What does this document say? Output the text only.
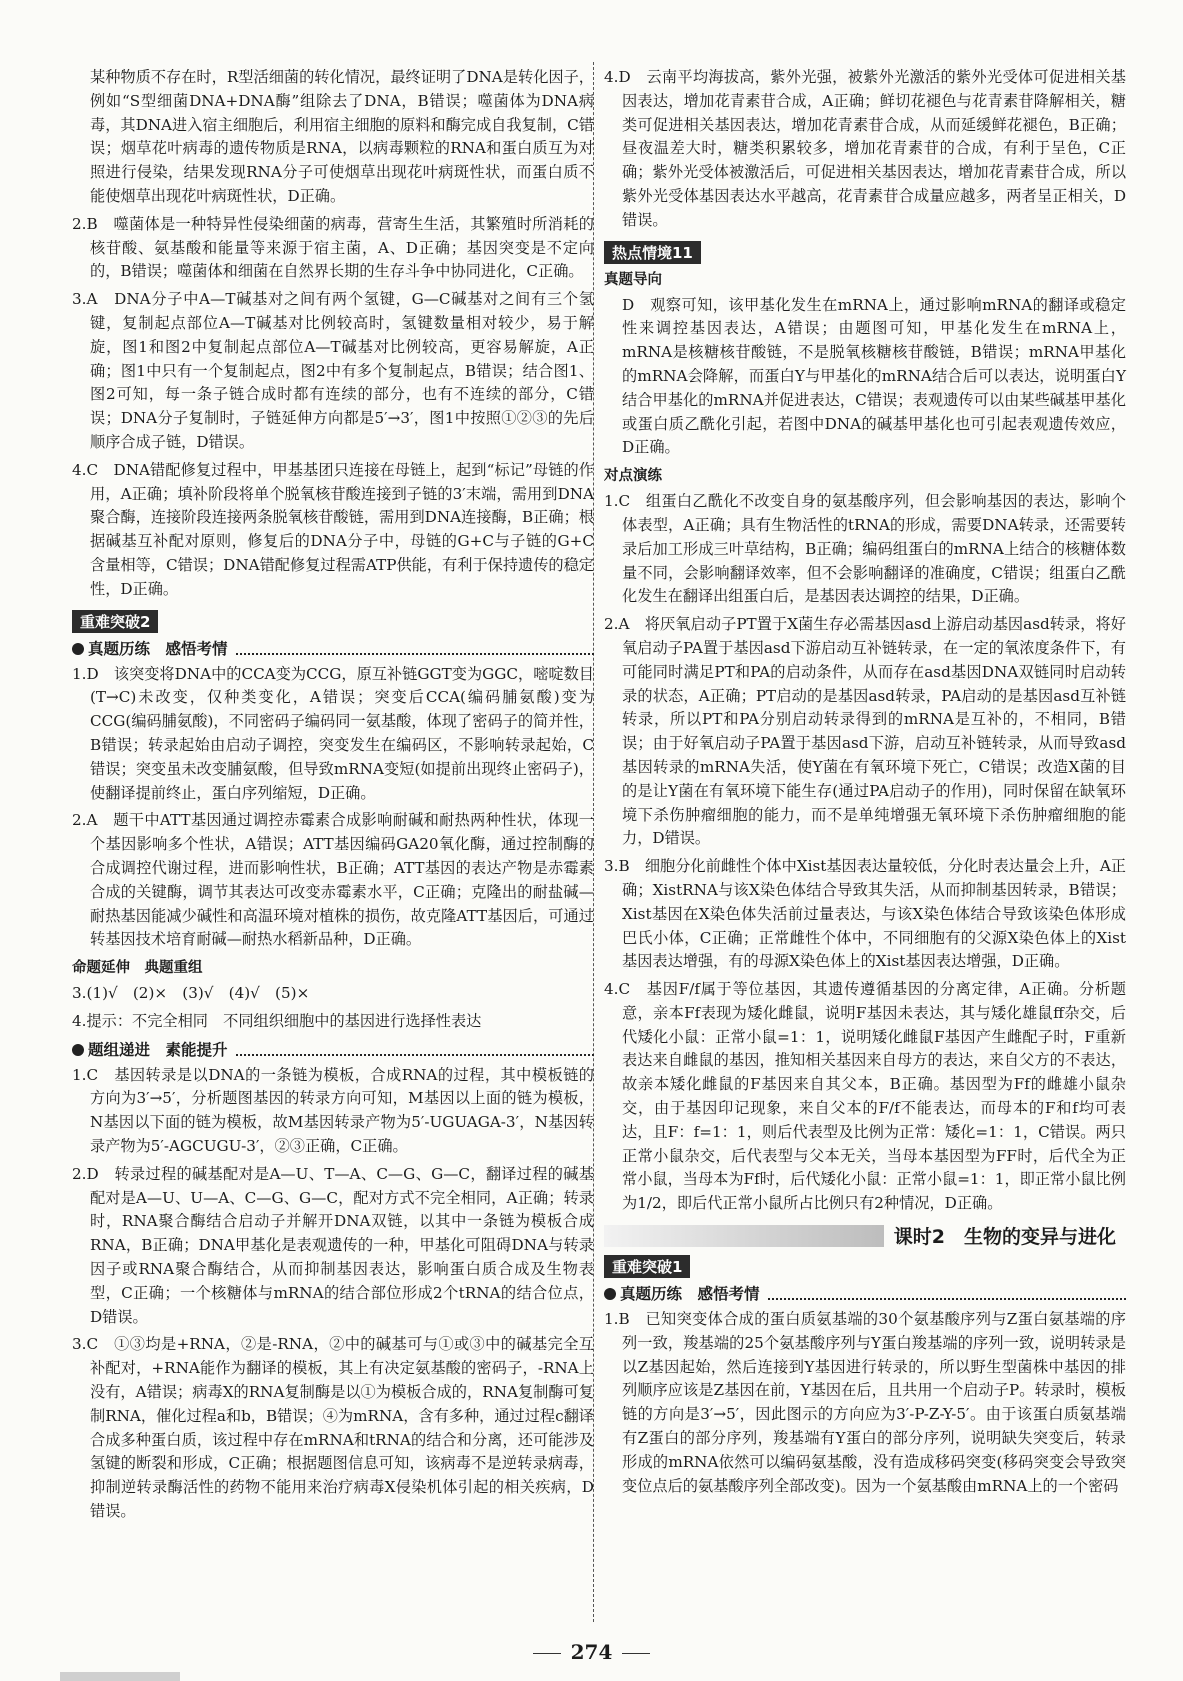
某种物质不存在时，R型活细菌的转化情况，最终证明了DNA是转化因子，例如“S型细菌DNA+DNA酶”组除去了DNA，B错误；噬菌体为DNA病毒，其DNA进入宿主细胞后，利用宿主细胞的原料和酶完成自我复制，C错误；烟草花叶病毒的遗传物质是RNA，以病毒颗粒的RNA和蛋白质互为对照进行侵染，结果发现RNA分子可使烟草出现花叶病斑性状，而蛋白质不能使烟草出现花叶病斑性状，D正确。

2.B　噬菌体是一种特异性侵染细菌的病毒，营寄生生活，其繁殖时所消耗的核苷酸、氨基酸和能量等来源于宿主菌，A、D正确；基因突变是不定向的，B错误；噬菌体和细菌在自然界长期的生存斗争中协同进化，C正确。

3.A　DNA分子中A—T碱基对之间有两个氢键，G—C碱基对之间有三个氢键，复制起点部位A—T碱基对比例较高时，氢键数量相对较少，易于解旋，图1和图2中复制起点部位A—T碱基对比例较高，更容易解旋，A正确；图1中只有一个复制起点，图2中有多个复制起点，B错误；结合图1、图2可知，每一条子链合成时都有连续的部分，也有不连续的部分，C错误；DNA分子复制时，子链延伸方向都是5′→3′，图1中按照①②③的先后顺序合成子链，D错误。

4.C　DNA错配修复过程中，甲基基团只连接在母链上，起到“标记”母链的作用，A正确；填补阶段将单个脱氧核苷酸连接到子链的3′末端，需用到DNA聚合酶，连接阶段连接两条脱氧核苷酸链，需用到DNA连接酶，B正确；根据碱基互补配对原则，修复后的DNA分子中，母链的G+C与子链的G+C含量相等，C错误；DNA错配修复过程需ATP供能，有利于保持遗传的稳定性，D正确。

重难突破2
真题历练　感悟考情

1.D　该突变将DNA中的CCA变为CCG，原互补链GGT变为GGC，嘧啶数目(T→C)未改变，仅种类变化，A错误；突变后CCA(编码脯氨酸)变为CCG(编码脯氨酸)，不同密码子编码同一氨基酸，体现了密码子的简并性，B错误；转录起始由启动子调控，突变发生在编码区，不影响转录起始，C错误；突变虽未改变脯氨酸，但导致mRNA变短(如提前出现终止密码子)，使翻译提前终止，蛋白序列缩短，D正确。

2.A　题干中ATT基因通过调控赤霉素合成影响耐碱和耐热两种性状，体现一个基因影响多个性状，A错误；ATT基因编码GA20氧化酶，通过控制酶的合成调控代谢过程，进而影响性状，B正确；ATT基因的表达产物是赤霉素合成的关键酶，调节其表达可改变赤霉素水平，C正确；克隆出的耐盐碱—耐热基因能减少碱性和高温环境对植株的损伤，故克隆ATT基因后，可通过转基因技术培育耐碱—耐热水稻新品种，D正确。

命题延伸　典题重组

3.(1)√　(2)×　(3)√　(4)√　(5)×

4.提示：不完全相同　不同组织细胞中的基因进行选择性表达

题组递进　素能提升

1.C　基因转录是以DNA的一条链为模板，合成RNA的过程，其中模板链的方向为3′→5′，分析题图基因的转录方向可知，M基因以上面的链为模板，N基因以下面的链为模板，故M基因转录产物为5′-UGUAGA-3′，N基因转录产物为5′-AGCUGU-3′，②③正确，C正确。

2.D　转录过程的碱基配对是A—U、T—A、C—G、G—C，翻译过程的碱基配对是A—U、U—A、C—G、G—C，配对方式不完全相同，A正确；转录时，RNA聚合酶结合启动子并解开DNA双链，以其中一条链为模板合成RNA，B正确；DNA甲基化是表观遗传的一种，甲基化可阻碍DNA与转录因子或RNA聚合酶结合，从而抑制基因表达，影响蛋白质合成及生物表型，C正确；一个核糖体与mRNA的结合部位形成2个tRNA的结合位点，D错误。

3.C　①③均是+RNA，②是-RNA，②中的碱基可与①或③中的碱基完全互补配对，+RNA能作为翻译的模板，其上有决定氨基酸的密码子，-RNA上没有，A错误；病毒X的RNA复制酶是以①为模板合成的，RNA复制酶可复制RNA，催化过程a和b，B错误；④为mRNA，含有多种，通过过程c翻译合成多种蛋白质，该过程中存在mRNA和tRNA的结合和分离，还可能涉及氢键的断裂和形成，C正确；根据题图信息可知，该病毒不是逆转录病毒，抑制逆转录酶活性的药物不能用来治疗病毒X侵染机体引起的相关疾病，D错误。

4.D　云南平均海拔高，紫外光强，被紫外光激活的紫外光受体可促进相关基因表达，增加花青素苷合成，A正确；鲜切花褪色与花青素苷降解相关，糖类可促进相关基因表达，增加花青素苷合成，从而延缓鲜花褪色，B正确；昼夜温差大时，糖类积累较多，增加花青素苷的合成，有利于呈色，C正确；紫外光受体被激活后，可促进相关基因表达，增加花青素苷合成，所以紫外光受体基因表达水平越高，花青素苷合成量应越多，两者呈正相关，D错误。

热点情境11
真题导向

D　观察可知，该甲基化发生在mRNA上，通过影响mRNA的翻译或稳定性来调控基因表达，A错误；由题图可知，甲基化发生在mRNA上，mRNA是核糖核苷酸链，不是脱氧核糖核苷酸链，B错误；mRNA甲基化的mRNA会降解，而蛋白Y与甲基化的mRNA结合后可以表达，说明蛋白Y结合甲基化的mRNA并促进表达，C错误；表观遗传可以由某些碱基甲基化或蛋白质乙酰化引起，若图中DNA的碱基甲基化也可引起表观遗传效应，D正确。

对点演练

1.C　组蛋白乙酰化不改变自身的氨基酸序列，但会影响基因的表达，影响个体表型，A正确；具有生物活性的tRNA的形成，需要DNA转录，还需要转录后加工形成三叶草结构，B正确；编码组蛋白的mRNA上结合的核糖体数量不同，会影响翻译效率，但不会影响翻译的准确度，C错误；组蛋白乙酰化发生在翻译出组蛋白后，是基因表达调控的结果，D正确。

2.A　将厌氧启动子PT置于X菌生存必需基因asd上游启动基因asd转录，将好氧启动子PA置于基因asd下游启动互补链转录，在一定的氧浓度条件下，有可能同时满足PT和PA的启动条件，从而存在asd基因DNA双链同时启动转录的状态，A正确；PT启动的是基因asd转录，PA启动的是基因asd互补链转录，所以PT和PA分别启动转录得到的mRNA是互补的，不相同，B错误；由于好氧启动子PA置于基因asd下游，启动互补链转录，从而导致asd基因转录的mRNA失活，使Y菌在有氧环境下死亡，C错误；改造X菌的目的是让Y菌在有氧环境下能生存(通过PA启动子的作用)，同时保留在缺氧环境下杀伤肿瘤细胞的能力，而不是单纯增强无氧环境下杀伤肿瘤细胞的能力，D错误。

3.B　细胞分化前雌性个体中Xist基因表达量较低，分化时表达量会上升，A正确；XistRNA与该X染色体结合导致其失活，从而抑制基因转录，B错误；Xist基因在X染色体失活前过量表达，与该X染色体结合导致该染色体形成巴氏小体，C正确；正常雌性个体中，不同细胞有的父源X染色体上的Xist基因表达增强，有的母源X染色体上的Xist基因表达增强，D正确。

4.C　基因F/f属于等位基因，其遗传遵循基因的分离定律，A正确。分析题意，亲本Ff表现为矮化雌鼠，说明F基因未表达，其与矮化雄鼠ff杂交，后代矮化小鼠：正常小鼠=1：1，说明矮化雌鼠F基因产生雌配子时，F重新表达来自雌鼠的基因，推知相关基因来自母方的表达，来自父方的不表达，故亲本矮化雌鼠的F基因来自其父本，B正确。基因型为Ff的雌雄小鼠杂交，由于基因印记现象，来自父本的F/f不能表达，而母本的F和f均可表达，且F：f=1：1，则后代表型及比例为正常：矮化=1：1，C错误。两只正常小鼠杂交，后代表型与父本无关，当母本基因型为FF时，后代全为正常小鼠，当母本为Ff时，后代矮化小鼠：正常小鼠=1：1，即正常小鼠比例为1/2，即后代正常小鼠所占比例只有2种情况，D正确。

课时2　生物的变异与进化
重难突破1
真题历练　感悟考情

1.B　已知突变体合成的蛋白质氨基端的30个氨基酸序列与Z蛋白氨基端的序列一致，羧基端的25个氨基酸序列与Y蛋白羧基端的序列一致，说明转录是以Z基因起始，然后连接到Y基因进行转录的，所以野生型菌株中基因的排列顺序应该是Z基因在前，Y基因在后，且共用一个启动子P。转录时，模板链的方向是3′→5′，因此图示的方向应为3′-P-Z-Y-5′。由于该蛋白质氨基端有Z蛋白的部分序列，羧基端有Y蛋白的部分序列，说明缺失突变后，转录形成的mRNA依然可以编码氨基酸，没有造成移码突变(移码突变会导致突变位点后的氨基酸序列全部改变)。因为一个氨基酸由mRNA上的一个密码

274
